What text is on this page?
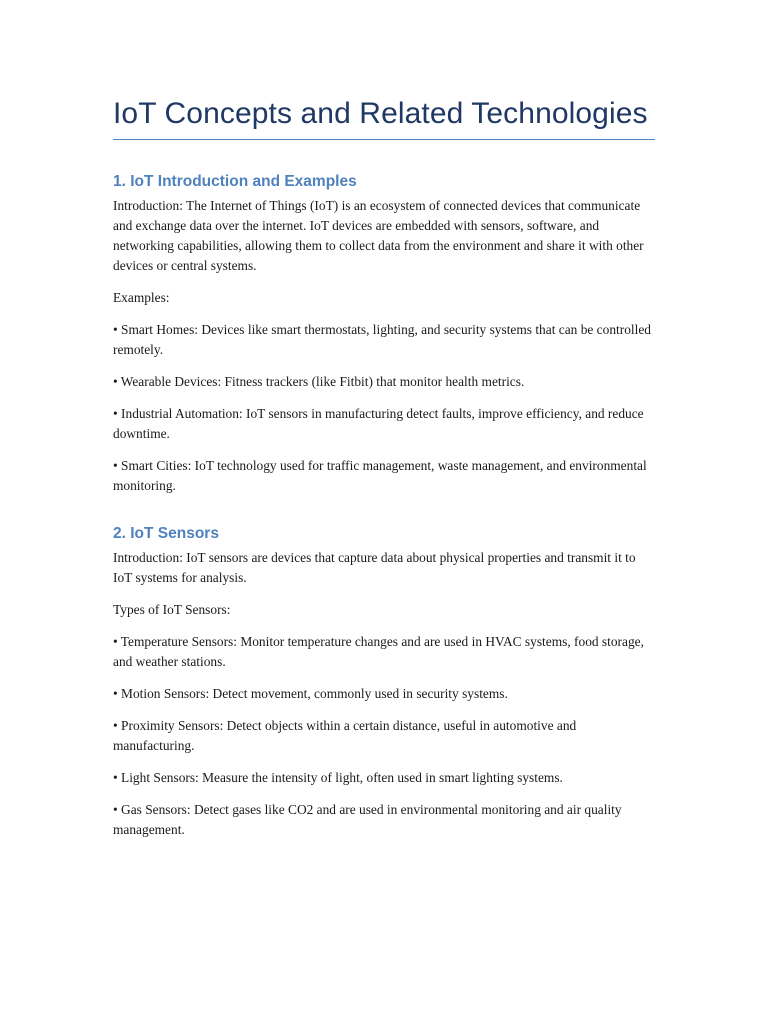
IoT Concepts and Related Technologies
1. IoT Introduction and Examples

Introduction: The Internet of Things (IoT) is an ecosystem of connected devices that communicate and exchange data over the internet. IoT devices are embedded with sensors, software, and networking capabilities, allowing them to collect data from the environment and share it with other devices or central systems.

Examples:

• Smart Homes: Devices like smart thermostats, lighting, and security systems that can be controlled remotely.

• Wearable Devices: Fitness trackers (like Fitbit) that monitor health metrics.

• Industrial Automation: IoT sensors in manufacturing detect faults, improve efficiency, and reduce downtime.

• Smart Cities: IoT technology used for traffic management, waste management, and environmental monitoring.

2. IoT Sensors

Introduction: IoT sensors are devices that capture data about physical properties and transmit it to IoT systems for analysis.

Types of IoT Sensors:

• Temperature Sensors: Monitor temperature changes and are used in HVAC systems, food storage, and weather stations.

• Motion Sensors: Detect movement, commonly used in security systems.

• Proximity Sensors: Detect objects within a certain distance, useful in automotive and manufacturing.

• Light Sensors: Measure the intensity of light, often used in smart lighting systems.

• Gas Sensors: Detect gases like CO2 and are used in environmental monitoring and air quality management.
